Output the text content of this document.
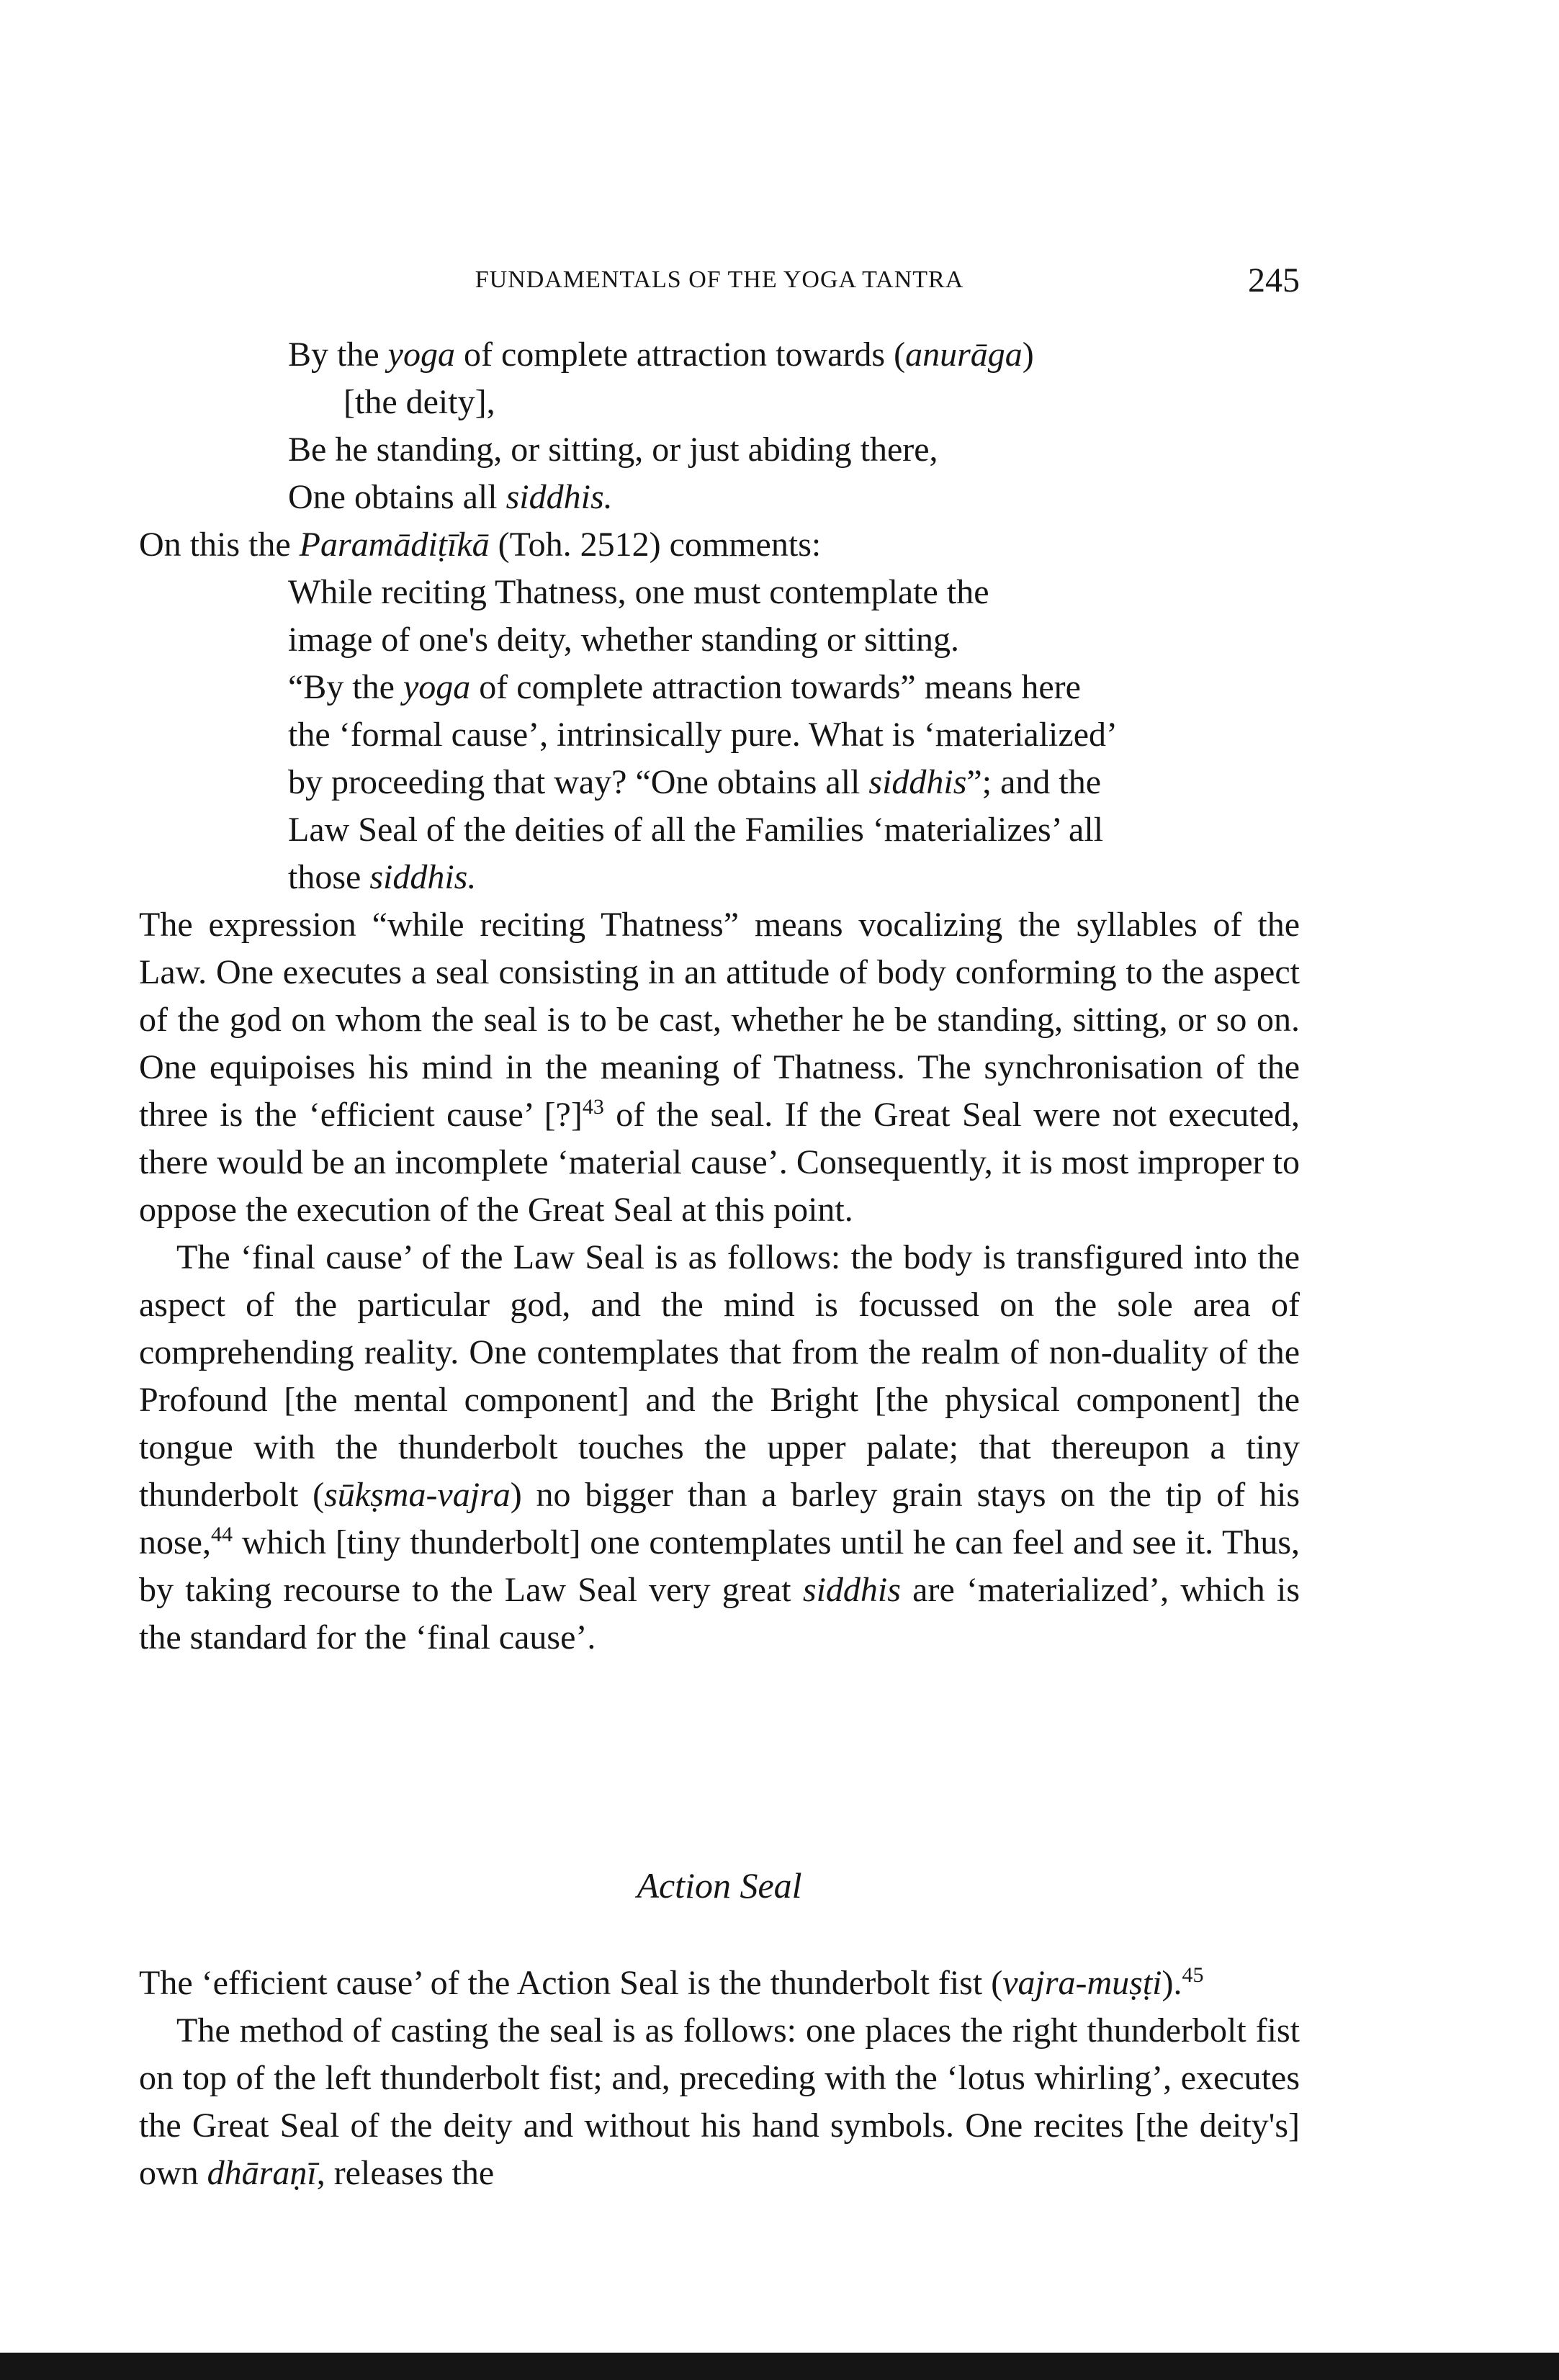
FUNDAMENTALS OF THE YOGA TANTRA	245
By the yoga of complete attraction towards (anurāga)
[the deity],
Be he standing, or sitting, or just abiding there,
One obtains all siddhis.
On this the Paramādiṭīkā (Toh. 2512) comments:
While reciting Thatness, one must contemplate the
image of one's deity, whether standing or sitting.
“By the yoga of complete attraction towards” means here
the ‘formal cause’, intrinsically pure. What is ‘materialized’
by proceeding that way? “One obtains all siddhis”; and the
Law Seal of the deities of all the Families ‘materializes’ all
those siddhis.

The expression “while reciting Thatness” means vocalizing the syllables of the Law. One executes a seal consisting in an attitude of body conforming to the aspect of the god on whom the seal is to be cast, whether he be standing, sitting, or so on. One equipoises his mind in the meaning of Thatness. The synchronisation of the three is the ‘efficient cause’ [?]$^{43}$ of the seal. If the Great Seal were not executed, there would be an incomplete ‘material cause’. Consequently, it is most improper to oppose the execution of the Great Seal at this point.

The ‘final cause’ of the Law Seal is as follows: the body is transfigured into the aspect of the particular god, and the mind is focussed on the sole area of comprehending reality. One contemplates that from the realm of non-duality of the Profound [the mental component] and the Bright [the physical component] the tongue with the thunderbolt touches the upper palate; that thereupon a tiny thunderbolt (sūkṣma-vajra) no bigger than a barley grain stays on the tip of his nose,$^{44}$ which [tiny thunderbolt] one contemplates until he can feel and see it. Thus, by taking recourse to the Law Seal very great siddhis are ‘materialized’, which is the standard for the ‘final cause’.

Action Seal

The ‘efficient cause’ of the Action Seal is the thunderbolt fist (vajra-muṣṭi).$^{45}$

The method of casting the seal is as follows: one places the right thunderbolt fist on top of the left thunderbolt fist; and, preceding with the ‘lotus whirling’, executes the Great Seal of the deity and without his hand symbols. One recites [the deity's] own dhāraṇī, releases the
